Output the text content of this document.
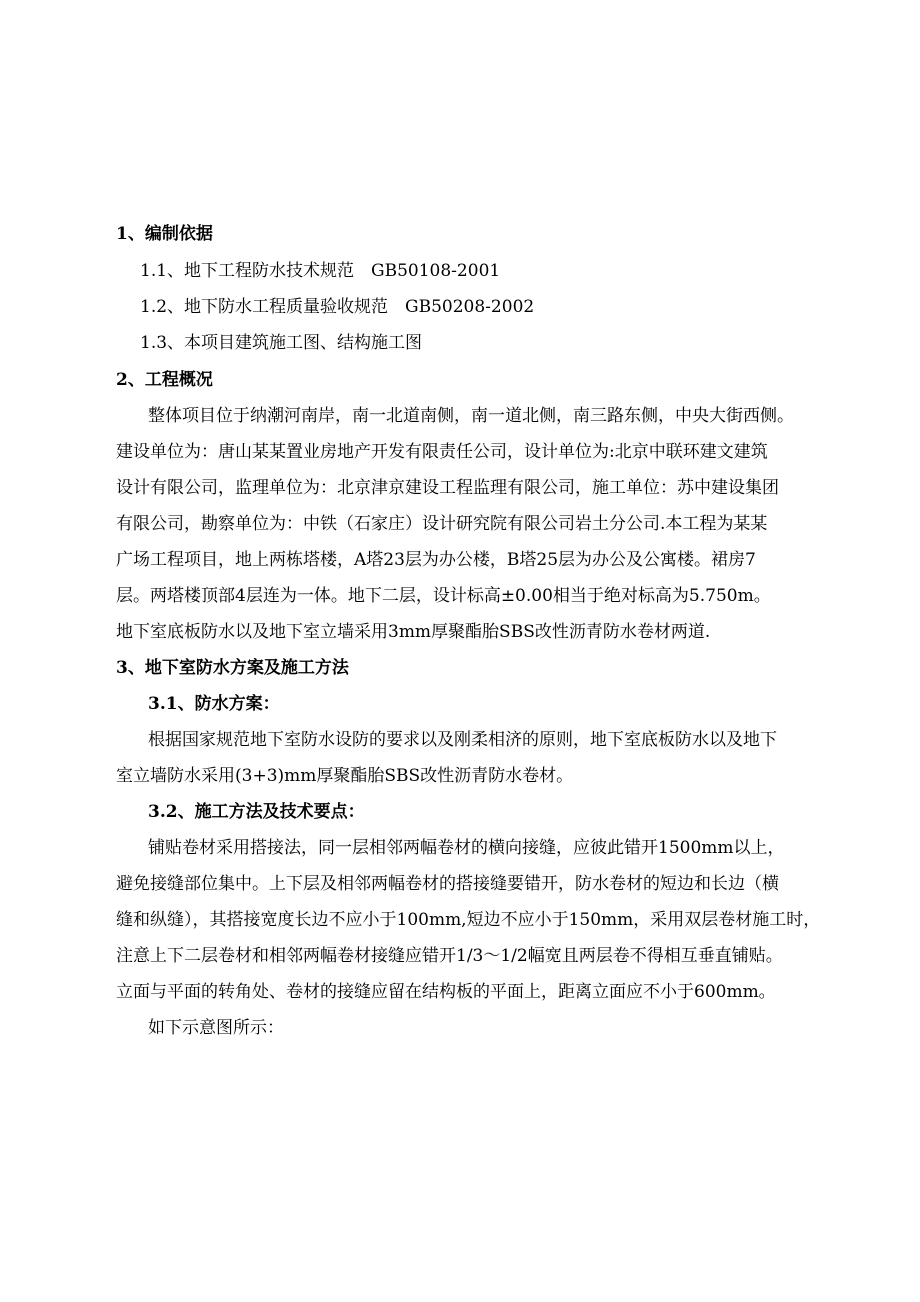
1、编制依据
1.1、地下工程防水技术规范　GB50108-2001
1.2、地下防水工程质量验收规范　GB50208-2002
1.3、本项目建筑施工图、结构施工图
2、工程概况
整体项目位于纳潮河南岸，南一北道南侧，南一道北侧，南三路东侧，中央大街西侧。
建设单位为：唐山某某置业房地产开发有限责任公司，设计单位为:北京中联环建文建筑
设计有限公司，监理单位为：北京津京建设工程监理有限公司，施工单位：苏中建设集团
有限公司，勘察单位为：中铁（石家庄）设计研究院有限公司岩土分公司.本工程为某某
广场工程项目，地上两栋塔楼，A塔23层为办公楼，B塔25层为办公及公寓楼。裙房7
层。两塔楼顶部4层连为一体。地下二层，设计标高±0.00相当于绝对标高为5.750m。
地下室底板防水以及地下室立墙采用3mm厚聚酯胎SBS改性沥青防水卷材两道.
3、地下室防水方案及施工方法
3.1、防水方案：
根据国家规范地下室防水设防的要求以及刚柔相济的原则，地下室底板防水以及地下
室立墙防水采用(3+3)mm厚聚酯胎SBS改性沥青防水卷材。
3.2、施工方法及技术要点：
铺贴卷材采用搭接法，同一层相邻两幅卷材的横向接缝，应彼此错开1500mm以上，
避免接缝部位集中。上下层及相邻两幅卷材的搭接缝要错开，防水卷材的短边和长边（横
缝和纵缝），其搭接宽度长边不应小于100mm,短边不应小于150mm，采用双层卷材施工时，
注意上下二层卷材和相邻两幅卷材接缝应错开1/3～1/2幅宽且两层卷不得相互垂直铺贴。
立面与平面的转角处、卷材的接缝应留在结构板的平面上，距离立面应不小于600mm。
如下示意图所示：
